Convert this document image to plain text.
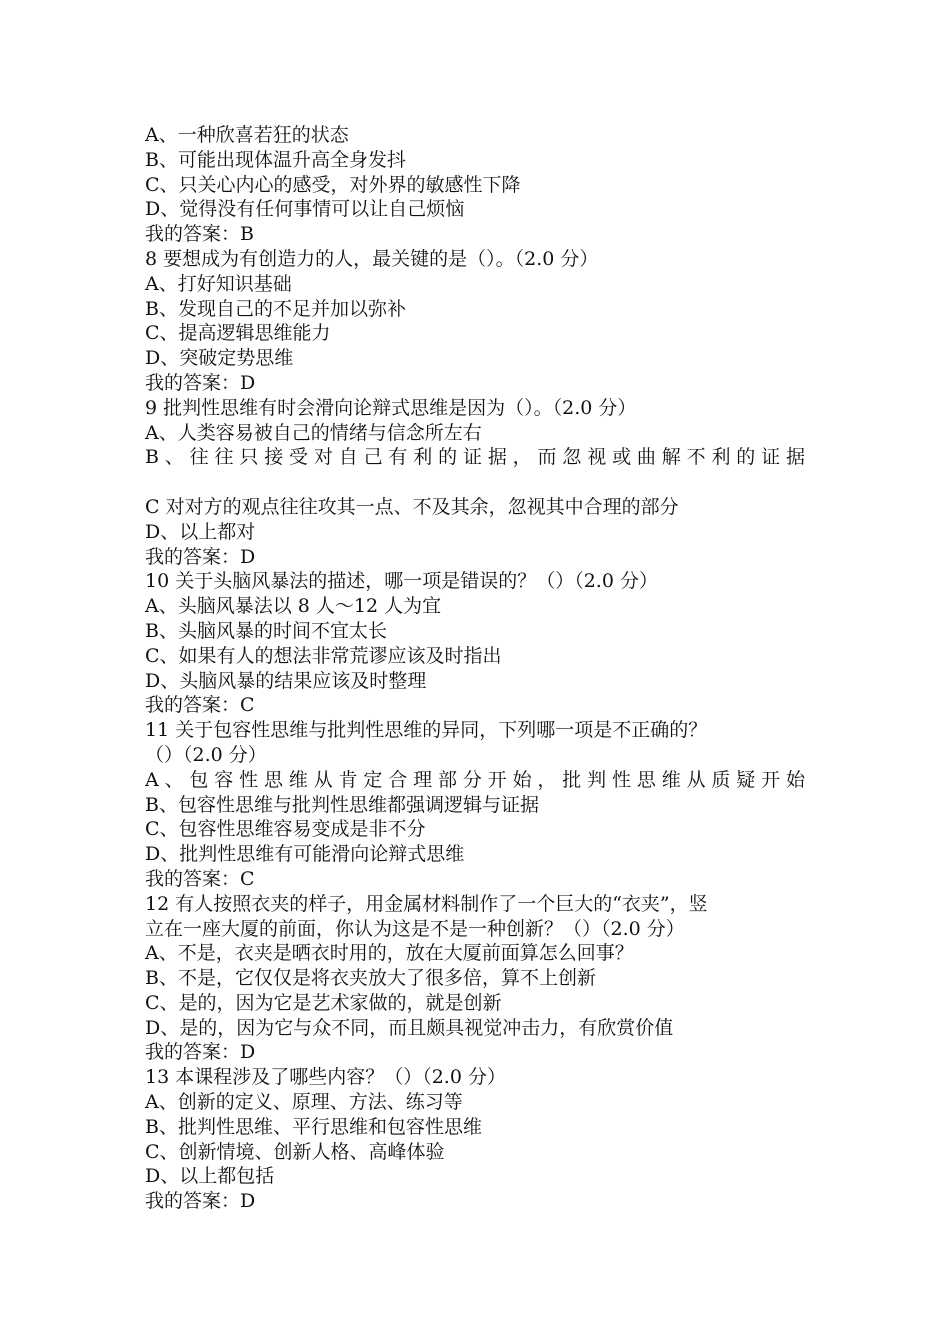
A、一种欣喜若狂的状态
B、可能出现体温升高全身发抖
C、只关心内心的感受，对外界的敏感性下降
D、觉得没有任何事情可以让自己烦恼
我的答案：B
8 要想成为有创造力的人，最关键的是（）。（2.0 分）
A、打好知识基础
B、发现自己的不足并加以弥补
C、提高逻辑思维能力
D、突破定势思维
我的答案：D
9 批判性思维有时会滑向论辩式思维是因为（）。（2.0 分）
A、人类容易被自己的情绪与信念所左右
B、往往只接受对自己有利的证据，而忽视或曲解不利的证据
C 对对方的观点往往攻其一点、不及其余，忽视其中合理的部分
D、以上都对
我的答案：D
10 关于头脑风暴法的描述，哪一项是错误的？（）（2.0 分）
A、头脑风暴法以 8 人～12 人为宜
B、头脑风暴的时间不宜太长
C、如果有人的想法非常荒谬应该及时指出
D、头脑风暴的结果应该及时整理
我的答案：C
11 关于包容性思维与批判性思维的异同，下列哪一项是不正确的？
（）（2.0 分）
A、包容性思维从肯定合理部分开始，批判性思维从质疑开始
B、包容性思维与批判性思维都强调逻辑与证据
C、包容性思维容易变成是非不分
D、批判性思维有可能滑向论辩式思维
我的答案：C
12 有人按照衣夹的样子，用金属材料制作了一个巨大的“衣夹”，竖
立在一座大厦的前面，你认为这是不是一种创新？（）（2.0 分）
A、不是，衣夹是晒衣时用的，放在大厦前面算怎么回事？
B、不是，它仅仅是将衣夹放大了很多倍，算不上创新
C、是的，因为它是艺术家做的，就是创新
D、是的，因为它与众不同，而且颇具视觉冲击力，有欣赏价值
我的答案：D
13 本课程涉及了哪些内容？（）（2.0 分）
A、创新的定义、原理、方法、练习等
B、批判性思维、平行思维和包容性思维
C、创新情境、创新人格、高峰体验
D、以上都包括
我的答案：D
